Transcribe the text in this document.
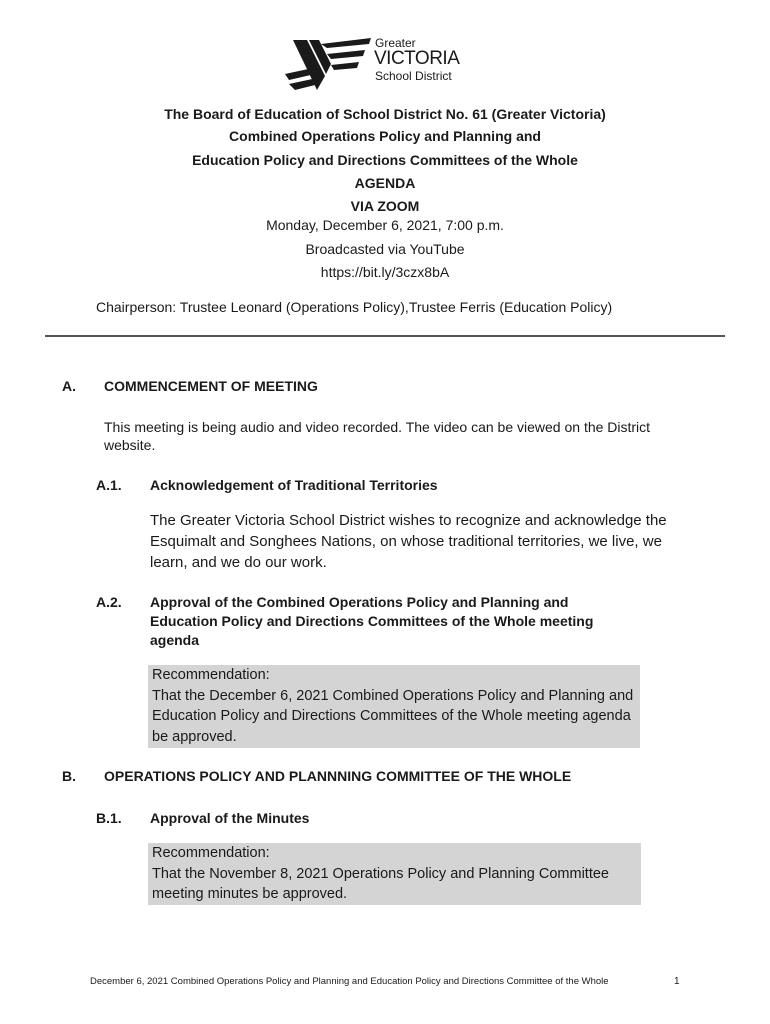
Greater
VICTORIA
School District
The Board of Education of School District No. 61 (Greater Victoria)
Combined Operations Policy and Planning and
Education Policy and Directions Committees of the Whole
AGENDA
VIA ZOOM
Monday, December 6, 2021, 7:00 p.m.
Broadcasted via YouTube
https://bit.ly/3czx8bA
Chairperson: Trustee Leonard (Operations Policy),Trustee Ferris (Education Policy)
A. COMMENCEMENT OF MEETING
This meeting is being audio and video recorded. The video can be viewed on the District website.
A.1. Acknowledgement of Traditional Territories
The Greater Victoria School District wishes to recognize and acknowledge the Esquimalt and Songhees Nations, on whose traditional territories, we live, we learn, and we do our work.
A.2. Approval of the Combined Operations Policy and Planning and Education Policy and Directions Committees of the Whole meeting agenda
Recommendation:
That the December 6, 2021 Combined Operations Policy and Planning and Education Policy and Directions Committees of the Whole meeting agenda be approved.
B. OPERATIONS POLICY AND PLANNNING COMMITTEE OF THE WHOLE
B.1. Approval of the Minutes
Recommendation:
That the November 8, 2021 Operations Policy and Planning Committee meeting minutes be approved.
December 6, 2021 Combined Operations Policy and Planning and Education Policy and Directions Committee of the Whole	1
